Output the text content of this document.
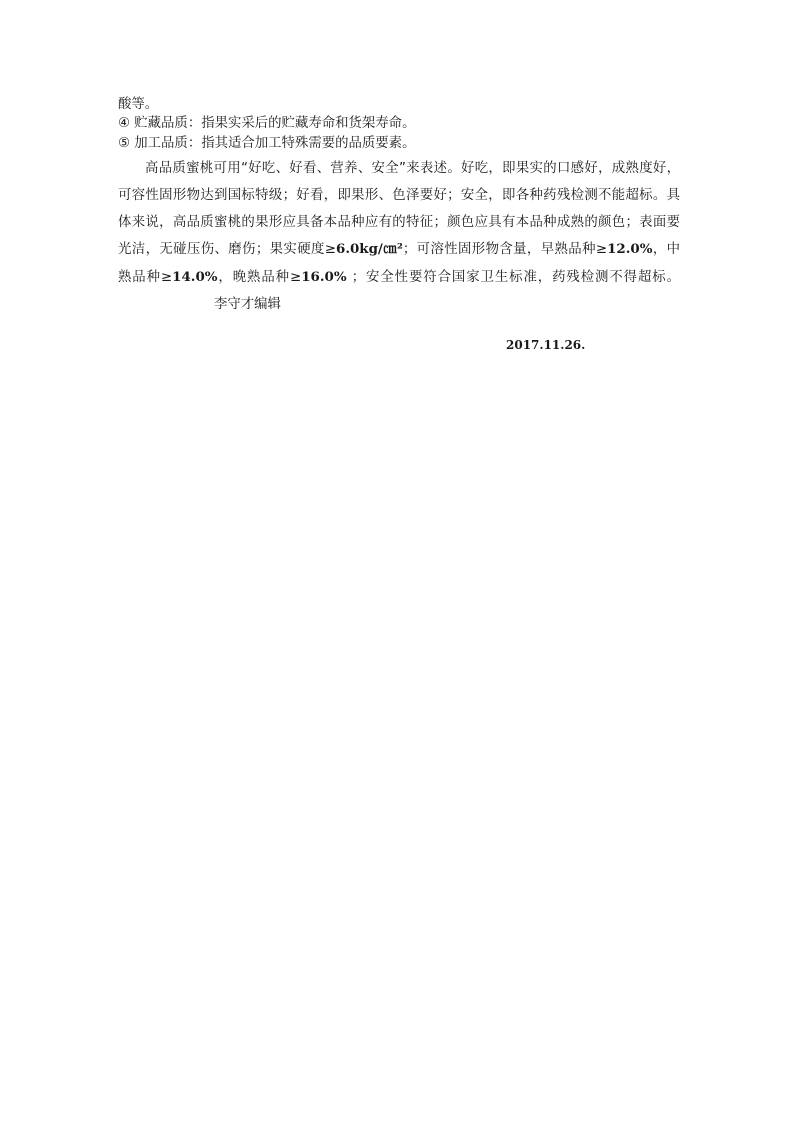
酸等。
④ 贮藏品质：指果实采后的贮藏寿命和货架寿命。
⑤ 加工品质：指其适合加工特殊需要的品质要素。
高品质蜜桃可用“好吃、好看、营养、安全”来表述。好吃，即果实的口感好，成熟度好，可容性固形物达到国标特级；好看，即果形、色泽要好；安全，即各种药残检测不能超标。具体来说，高品质蜜桃的果形应具备本品种应有的特征；颜色应具有本品种成熟的颜色；表面要光洁，无碰压伤、磨伤；果实硬度≥6.0kg/㎝²；可溶性固形物含量，早熟品种≥12.0%，中熟品种≥14.0%，晚熟品种≥16.0% ；安全性要符合国家卫生标准，药残检测不得超标。李守才编辑
2017.11.26.
